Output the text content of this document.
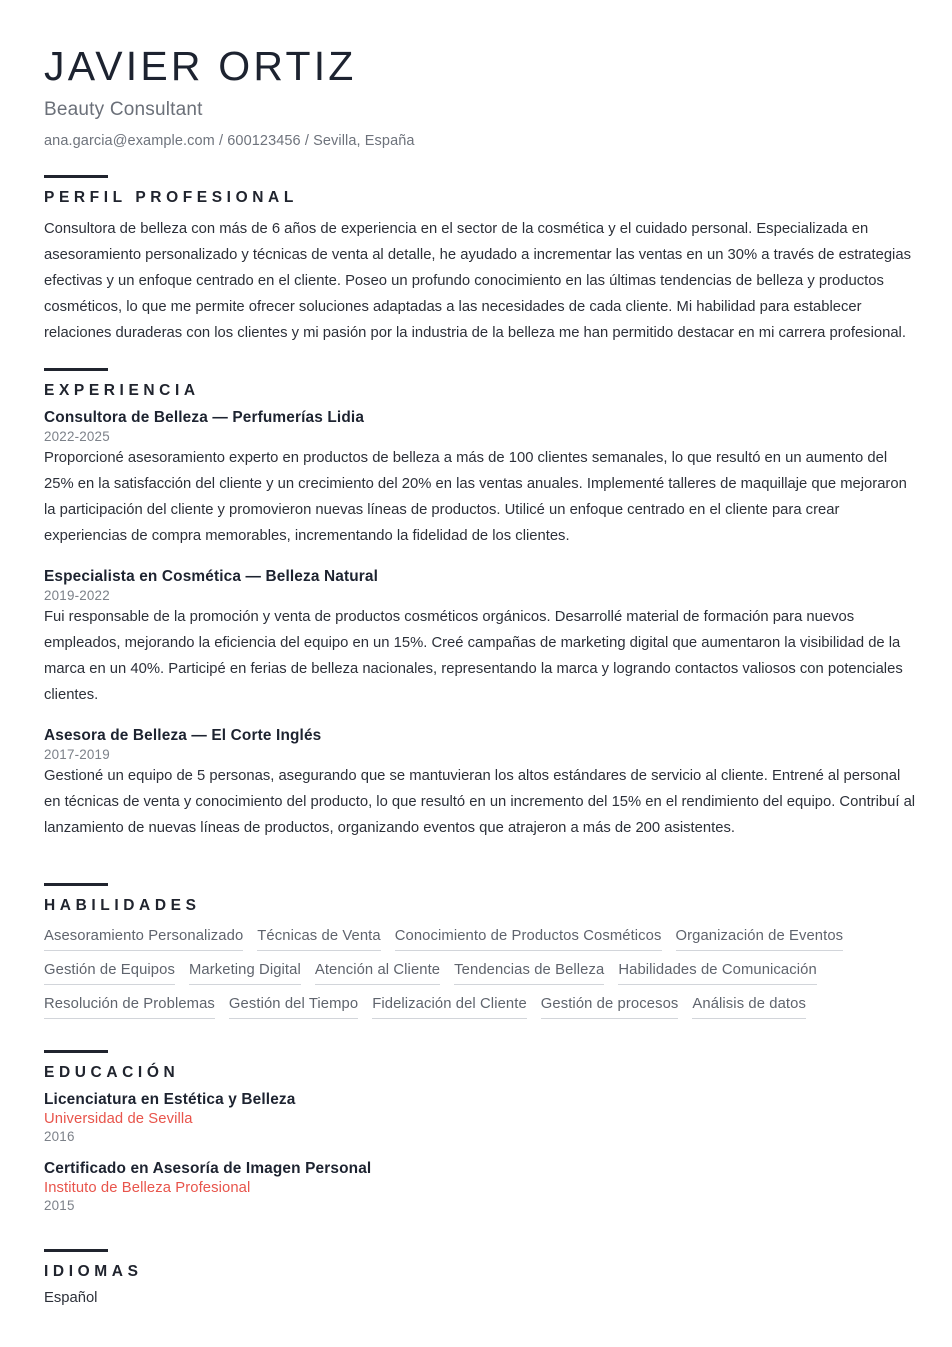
JAVIER ORTIZ
Beauty Consultant
ana.garcia@example.com / 600123456 / Sevilla, España
PERFIL PROFESIONAL

Consultora de belleza con más de 6 años de experiencia en el sector de la cosmética y el cuidado personal. Especializada en asesoramiento personalizado y técnicas de venta al detalle, he ayudado a incrementar las ventas en un 30% a través de estrategias efectivas y un enfoque centrado en el cliente. Poseo un profundo conocimiento en las últimas tendencias de belleza y productos cosméticos, lo que me permite ofrecer soluciones adaptadas a las necesidades de cada cliente. Mi habilidad para establecer relaciones duraderas con los clientes y mi pasión por la industria de la belleza me han permitido destacar en mi carrera profesional.

EXPERIENCIA
Consultora de Belleza — Perfumerías Lidia
2022-2025

Proporcioné asesoramiento experto en productos de belleza a más de 100 clientes semanales, lo que resultó en un aumento del 25% en la satisfacción del cliente y un crecimiento del 20% en las ventas anuales. Implementé talleres de maquillaje que mejoraron la participación del cliente y promovieron nuevas líneas de productos. Utilicé un enfoque centrado en el cliente para crear experiencias de compra memorables, incrementando la fidelidad de los clientes.

Especialista en Cosmética — Belleza Natural
2019-2022

Fui responsable de la promoción y venta de productos cosméticos orgánicos. Desarrollé material de formación para nuevos empleados, mejorando la eficiencia del equipo en un 15%. Creé campañas de marketing digital que aumentaron la visibilidad de la marca en un 40%. Participé en ferias de belleza nacionales, representando la marca y logrando contactos valiosos con potenciales clientes.

Asesora de Belleza — El Corte Inglés
2017-2019

Gestioné un equipo de 5 personas, asegurando que se mantuvieran los altos estándares de servicio al cliente. Entrené al personal en técnicas de venta y conocimiento del producto, lo que resultó en un incremento del 15% en el rendimiento del equipo. Contribuí al lanzamiento de nuevas líneas de productos, organizando eventos que atrajeron a más de 200 asistentes.

HABILIDADES
Asesoramiento Personalizado Técnicas de Venta Conocimiento de Productos Cosméticos Organización de Eventos
Gestión de Equipos Marketing Digital Atención al Cliente Tendencias de Belleza Habilidades de Comunicación
Resolución de Problemas Gestión del Tiempo Fidelización del Cliente Gestión de procesos Análisis de datos
EDUCACIÓN
Licenciatura en Estética y Belleza
Universidad de Sevilla
2016
Certificado en Asesoría de Imagen Personal
Instituto de Belleza Profesional
2015
IDIOMAS

Español
